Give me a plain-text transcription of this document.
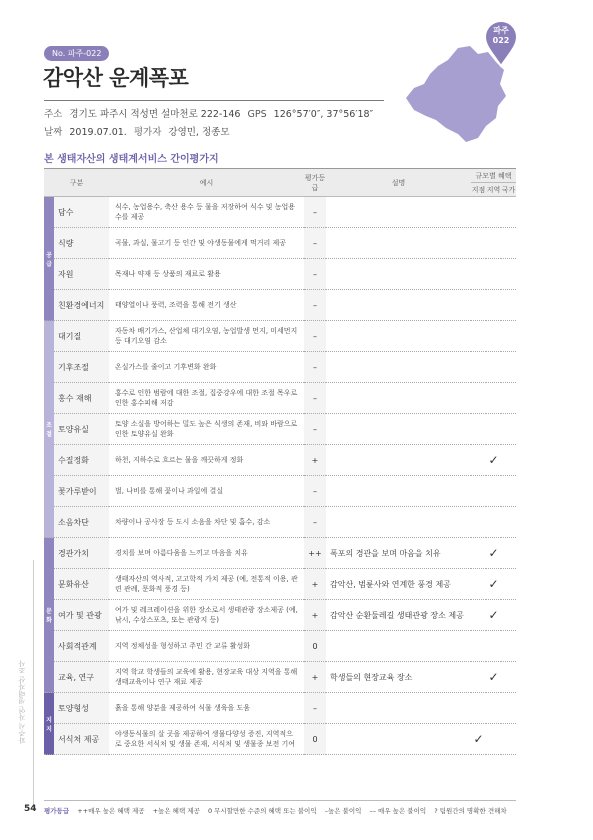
No. 파주-022
감악산 운계폭포
주소 경기도 파주시 적성면 설마천로 222-146 GPS 126°57′0″, 37°56′18″
날짜 2019.07.01. 평가자 강영민, 정종모
파주
022
본 생태자산의 생태계서비스 간이평가지
구분		예시	평가등급	설명	규모별 혜택		
					지점	지역	국가
공급	담수	식수, 농업용수, 축산 용수 등 물을 저장하여 식수 및 농업용수를 제공	–				
	식량	곡물, 과실, 물고기 등 인간 및 야생동물에게 먹거리 제공	–				
	자원	목재나 약재 등 상품의 재료로 활용	–				
	친환경에너지	태양열이나 풍력, 조력을 통해 전기 생산	–				
조절	대기질	자동차 배기가스, 산업체 대기오염, 농업발생 먼지, 미세먼지 등 대기오염 감소	–				
	기후조절	온실가스를 줄이고 기후변화 완화	–				
	홍수 재해	홍수로 인한 범람에 대한 조절, 집중강우에 대한 조절 목우로 인한 홍수피해 저감	–				
	토양유실	토양 소실을 방어하는 밀도 높은 식생의 존재, 비와 바람으로 인한 토양유실 완화	–				
	수질정화	하천, 지하수로 흐르는 물을 깨끗하게 정화	+			✓	
	꽃가루받이	벌, 나비를 통해 꽃이나 과일에 결실	–				
	소음차단	차량이나 공사장 등 도시 소음을 차단 및 흡수, 감소	–				
문화	경관가치	경치를 보며 아름다움을 느끼고 마음을 치유	++	폭포의 경관을 보며 마음을 치유		✓	
	문화유산	생태자산의 역사적, 고고학적 가치 제공 (예, 전통적 이용, 관련 관례, 문화적 풍경 등)	+	감악산, 범륜사와 연계한 풍경 제공		✓	
	여가 및 관광	여가 및 레크레이션을 위한 장소로서 생태관광 장소제공 (예, 낚시, 수상스포츠, 또는 관광지 등)	+	감악산 순환둘레길 생태관광 장소 제공		✓	
	사회적관계	지역 정체성을 형성하고 주민 간 교류 활성화	0				
	교육, 연구	지역 학교 학생들의 교육에 활용, 현장교육 대상 지역을 통해 생태교육이나 연구 재료 제공	+	학생들의 현장교육 장소		✓	
지지	토양형성	흙을 통해 양분을 제공하여 식물 생육을 도움	–				
	서식처 제공	야생동식물의 살 곳을 제공하여 생물다양성 증진, 지역적으로 중요한 서식처 및 생물 존재, 서식처 및 생물종 보전 기여	0		✓		
파주시 자연 생태자산 조사
54 평가등급 ++매우 높은 혜택 제공 +높은 혜택 제공 0 무시할만한 수준의 혜택 또는 불이익 –높은 불이익 –– 매우 높은 불이익 ? 팀원간의 명확한 견해차
